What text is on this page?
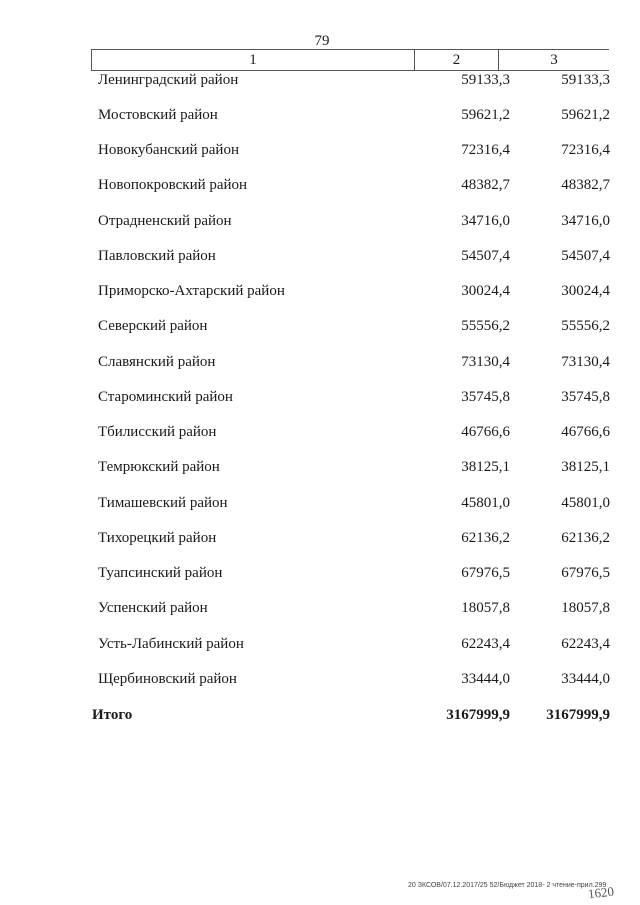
79
1	2	3
Ленинградский район	59133,3	59133,3
Мостовский район	59621,2	59621,2
Новокубанский район	72316,4	72316,4
Новопокровский район	48382,7	48382,7
Отрадненский район	34716,0	34716,0
Павловский район	54507,4	54507,4
Приморско-Ахтарский район	30024,4	30024,4
Северский район	55556,2	55556,2
Славянский район	73130,4	73130,4
Староминский район	35745,8	35745,8
Тбилисский район	46766,6	46766,6
Темрюкский район	38125,1	38125,1
Тимашевский район	45801,0	45801,0
Тихорецкий район	62136,2	62136,2
Туапсинский район	67976,5	67976,5
Успенский район	18057,8	18057,8
Усть-Лабинский район	62243,4	62243,4
Щербиновский район	33444,0	33444,0
Итого	3167999,9 3167999,9
20 ЗКСОВ/07.12.2017/25 52/Бюджет 2018- 2 чтение-прил.299
1620
